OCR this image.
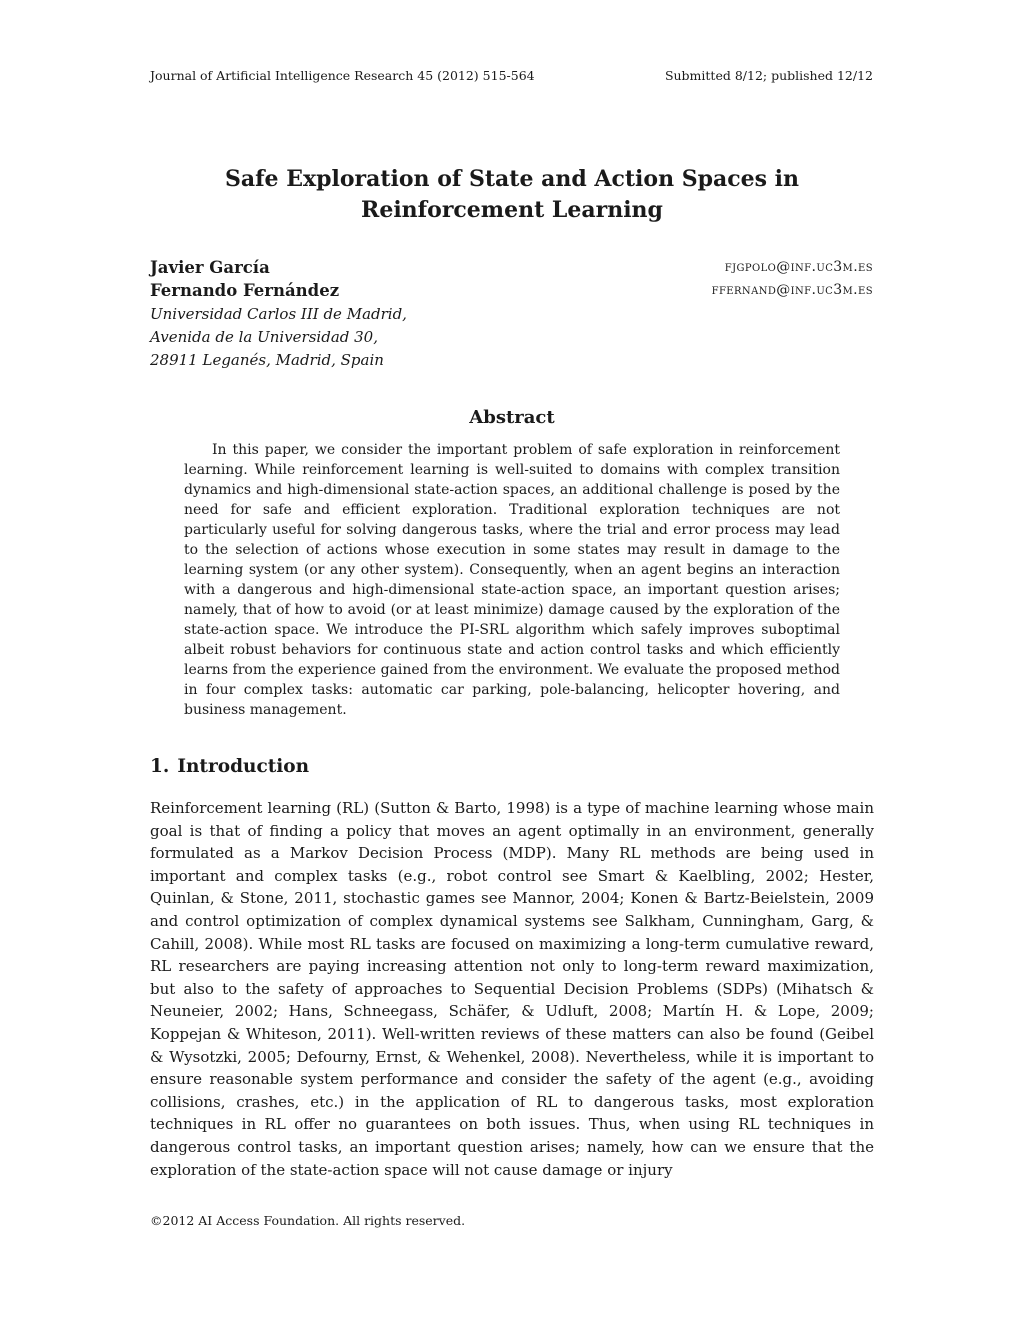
Journal of Artificial Intelligence Research 45 (2012) 515-564	Submitted 8/12; published 12/12
Safe Exploration of State and Action Spaces in
Reinforcement Learning
Javier García	fjgpolo@inf.uc3m.es
Fernando Fernández	ffernand@inf.uc3m.es
Universidad Carlos III de Madrid,
Avenida de la Universidad 30,
28911 Leganés, Madrid, Spain
Abstract

In this paper, we consider the important problem of safe exploration in reinforcement learning. While reinforcement learning is well-suited to domains with complex transition dynamics and high-dimensional state-action spaces, an additional challenge is posed by the need for safe and efficient exploration. Traditional exploration techniques are not particularly useful for solving dangerous tasks, where the trial and error process may lead to the selection of actions whose execution in some states may result in damage to the learning system (or any other system). Consequently, when an agent begins an interaction with a dangerous and high-dimensional state-action space, an important question arises; namely, that of how to avoid (or at least minimize) damage caused by the exploration of the state-action space. We introduce the PI-SRL algorithm which safely improves suboptimal albeit robust behaviors for continuous state and action control tasks and which efficiently learns from the experience gained from the environment. We evaluate the proposed method in four complex tasks: automatic car parking, pole-balancing, helicopter hovering, and business management.

1. Introduction

Reinforcement learning (RL) (Sutton & Barto, 1998) is a type of machine learning whose main goal is that of finding a policy that moves an agent optimally in an environment, generally formulated as a Markov Decision Process (MDP). Many RL methods are being used in important and complex tasks (e.g., robot control see Smart & Kaelbling, 2002; Hester, Quinlan, & Stone, 2011, stochastic games see Mannor, 2004; Konen & Bartz-Beielstein, 2009 and control optimization of complex dynamical systems see Salkham, Cunningham, Garg, & Cahill, 2008). While most RL tasks are focused on maximizing a long-term cumulative reward, RL researchers are paying increasing attention not only to long-term reward maximization, but also to the safety of approaches to Sequential Decision Problems (SDPs) (Mihatsch & Neuneier, 2002; Hans, Schneegass, Schäfer, & Udluft, 2008; Martín H. & Lope, 2009; Koppejan & Whiteson, 2011). Well-written reviews of these matters can also be found (Geibel & Wysotzki, 2005; Defourny, Ernst, & Wehenkel, 2008). Nevertheless, while it is important to ensure reasonable system performance and consider the safety of the agent (e.g., avoiding collisions, crashes, etc.) in the application of RL to dangerous tasks, most exploration techniques in RL offer no guarantees on both issues. Thus, when using RL techniques in dangerous control tasks, an important question arises; namely, how can we ensure that the exploration of the state-action space will not cause damage or injury

©2012 AI Access Foundation. All rights reserved.
